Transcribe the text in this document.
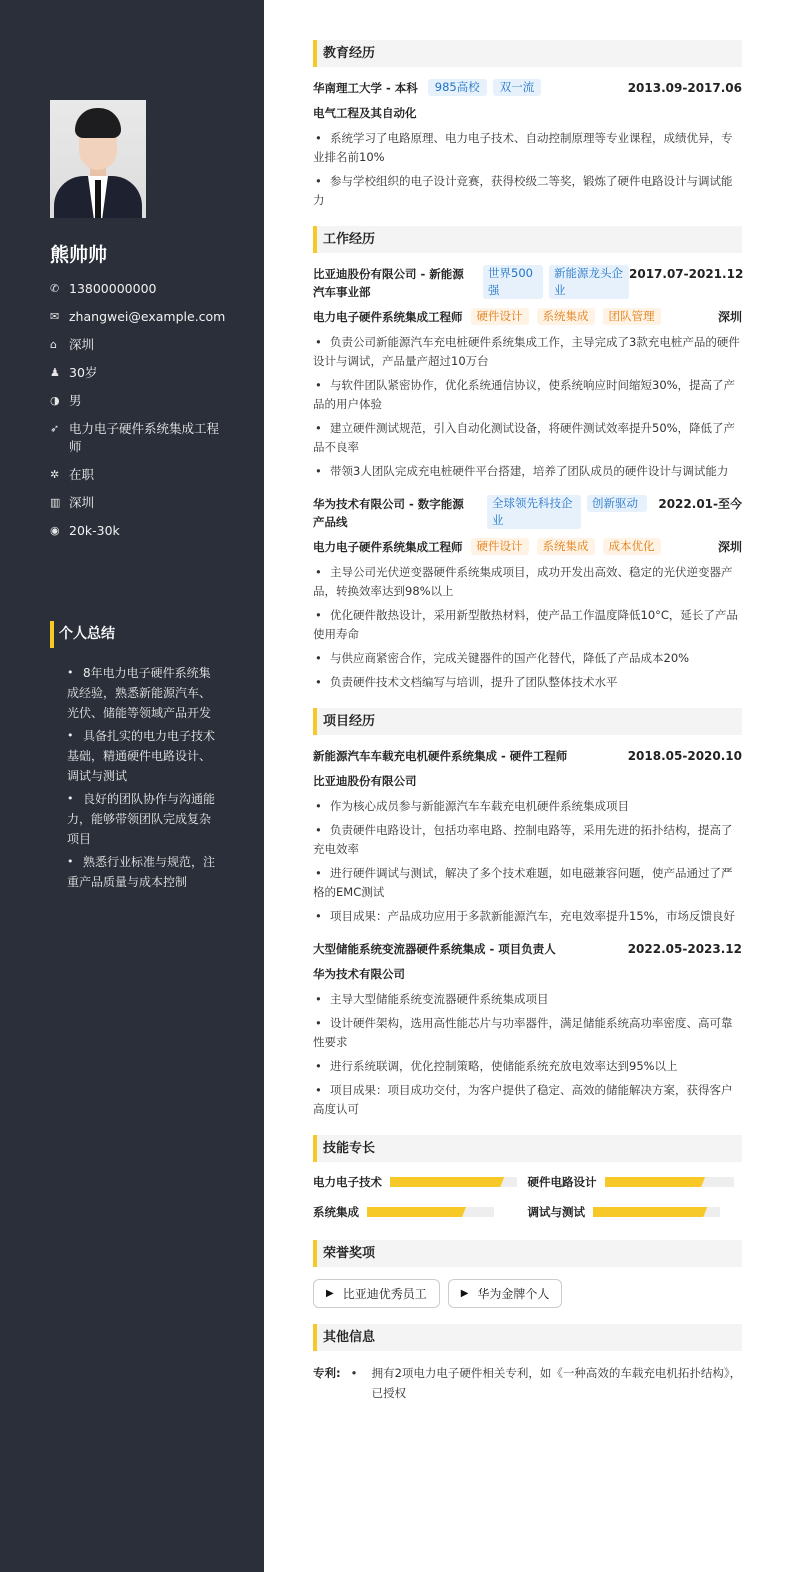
熊帅帅
✆ 13800000000
✉ zhangwei@example.com
⌂ 深圳
♟ 30岁
◑ 男
➶ 电力电子硬件系统集成工程师
✲ 在职
▥ 深圳
◉ 20k-30k
个人总结
• 8年电力电子硬件系统集成经验，熟悉新能源汽车、光伏、储能等领域产品开发
• 具备扎实的电力电子技术基础，精通硬件电路设计、调试与测试
• 良好的团队协作与沟通能力，能够带领团队完成复杂项目
• 熟悉行业标准与规范，注重产品质量与成本控制
教育经历
华南理工大学 - 本科	985高校	双一流	2013.09-2017.06
电气工程及其自动化
• 系统学习了电路原理、电力电子技术、自动控制原理等专业课程，成绩优异，专业排名前10%
• 参与学校组织的电子设计竞赛，获得校级二等奖，锻炼了硬件电路设计与调试能力
工作经历
比亚迪股份有限公司 - 新能源汽车事业部
世界500强
新能源龙头企业
2017.07-2021.12
电力电子硬件系统集成工程师	硬件设计	系统集成	团队管理	深圳
• 负责公司新能源汽车充电桩硬件系统集成工作，主导完成了3款充电桩产品的硬件设计与调试，产品量产超过10万台
• 与软件团队紧密协作，优化系统通信协议，使系统响应时间缩短30%，提高了产品的用户体验
• 建立硬件测试规范，引入自动化测试设备，将硬件测试效率提升50%，降低了产品不良率
• 带领3人团队完成充电桩硬件平台搭建，培养了团队成员的硬件设计与调试能力
华为技术有限公司 - 数字能源产品线
全球领先科技企业
创新驱动	2022.01-至今
电力电子硬件系统集成工程师	硬件设计	系统集成	成本优化	深圳
• 主导公司光伏逆变器硬件系统集成项目，成功开发出高效、稳定的光伏逆变器产品，转换效率达到98%以上
• 优化硬件散热设计，采用新型散热材料，使产品工作温度降低10°C，延长了产品使用寿命
• 与供应商紧密合作，完成关键器件的国产化替代，降低了产品成本20%
• 负责硬件技术文档编写与培训，提升了团队整体技术水平
项目经历
新能源汽车车载充电机硬件系统集成 - 硬件工程师	2018.05-2020.10
比亚迪股份有限公司
• 作为核心成员参与新能源汽车车载充电机硬件系统集成项目
• 负责硬件电路设计，包括功率电路、控制电路等，采用先进的拓扑结构，提高了充电效率
• 进行硬件调试与测试，解决了多个技术难题，如电磁兼容问题，使产品通过了严格的EMC测试
• 项目成果：产品成功应用于多款新能源汽车，充电效率提升15%，市场反馈良好
大型储能系统变流器硬件系统集成 - 项目负责人	2022.05-2023.12
华为技术有限公司
• 主导大型储能系统变流器硬件系统集成项目
• 设计硬件架构，选用高性能芯片与功率器件，满足储能系统高功率密度、高可靠性要求
• 进行系统联调，优化控制策略，使储能系统充放电效率达到95%以上
• 项目成果：项目成功交付，为客户提供了稳定、高效的储能解决方案，获得客户高度认可
技能专长
电力电子技术	硬件电路设计
系统集成	调试与测试
荣誉奖项
▶ 比亚迪优秀员工	▶ 华为金牌个人
其他信息
专利:
•	拥有2项电力电子硬件相关专利，如《一种高效的车载充电机拓扑结构》，已授权
